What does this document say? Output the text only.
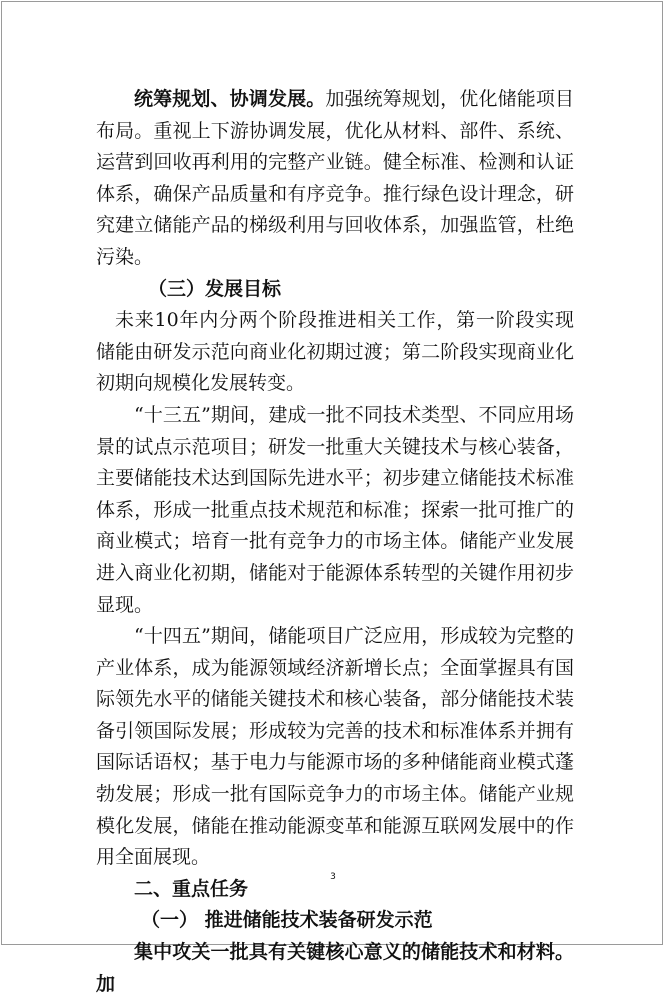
统筹规划、协调发展。加强统筹规划，优化储能项目布局。重视上下游协调发展，优化从材料、部件、系统、运营到回收再利用的完整产业链。健全标准、检测和认证体系，确保产品质量和有序竞争。推行绿色设计理念，研究建立储能产品的梯级利用与回收体系，加强监管，杜绝污染。

（三）发展目标

未来10年内分两个阶段推进相关工作，第一阶段实现储能由研发示范向商业化初期过渡；第二阶段实现商业化初期向规模化发展转变。

“十三五”期间，建成一批不同技术类型、不同应用场景的试点示范项目；研发一批重大关键技术与核心装备，主要储能技术达到国际先进水平；初步建立储能技术标准体系，形成一批重点技术规范和标准；探索一批可推广的商业模式；培育一批有竞争力的市场主体。储能产业发展进入商业化初期，储能对于能源体系转型的关键作用初步显现。

“十四五”期间，储能项目广泛应用，形成较为完整的产业体系，成为能源领域经济新增长点；全面掌握具有国际领先水平的储能关键技术和核心装备，部分储能技术装备引领国际发展；形成较为完善的技术和标准体系并拥有国际话语权；基于电力与能源市场的多种储能商业模式蓬勃发展；形成一批有国际竞争力的市场主体。储能产业规模化发展，储能在推动能源变革和能源互联网发展中的作用全面展现。

二、重点任务

（一） 推进储能技术装备研发示范

集中攻关一批具有关键核心意义的储能技术和材料。加

3
